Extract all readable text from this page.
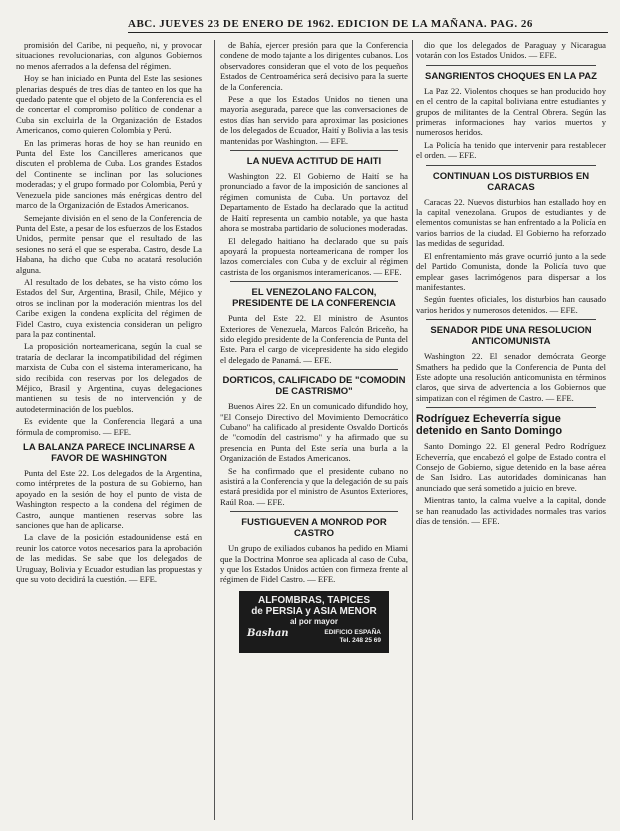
ABC. JUEVES 23 DE ENERO DE 1962. EDICION DE LA MAÑANA. PAG. 26

promisión del Caribe, ni pequeño, ni, y provocar situaciones revolucionarias, con algunos Gobiernos no menos aferrados a la defensa del régimen.

Hoy se han iniciado en Punta del Este las sesiones plenarias después de tres días de tanteo en los que ha quedado patente que el objeto de la Conferencia es el de concertar el compromiso político de condenar a Cuba sin excluirla de la Organización de Estados Americanos, como quieren Colombia y Perú.

En las primeras horas de hoy se han reunido en Punta del Este los Cancilleres americanos que discuten el problema de Cuba. Los grandes Estados del Continente se inclinan por las soluciones moderadas; y el grupo formado por Colombia, Perú y Venezuela pide sanciones más enérgicas dentro del marco de la Organización de Estados Americanos.

Semejante división en el seno de la Conferencia de Punta del Este, a pesar de los esfuerzos de los Estados Unidos, permite pensar que el resultado de las sesiones no será el que se esperaba. Castro, desde La Habana, ha dicho que Cuba no acatará resolución alguna.

Al resultado de los debates, se ha visto cómo los Estados del Sur, Argentina, Brasil, Chile, Méjico y otros se inclinan por la moderación mientras los del Caribe exigen la condena explícita del régimen de Fidel Castro, cuya existencia consideran un peligro para la paz continental.

La proposición norteamericana, según la cual se trataría de declarar la incompatibilidad del régimen marxista de Cuba con el sistema interamericano, ha sido recibida con reservas por los delegados de Méjico, Brasil y Argentina, cuyas delegaciones mantienen su tesis de no intervención y de autodeterminación de los pueblos.

Es evidente que la Conferencia llegará a una fórmula de compromiso. — EFE.

LA BALANZA PARECE INCLINARSE A FAVOR DE WASHINGTON

Punta del Este 22. Los delegados de la Argentina, como intérpretes de la postura de su Gobierno, han apoyado en la sesión de hoy el punto de vista de Washington respecto a la condena del régimen de Castro, aunque mantienen reservas sobre las sanciones que han de aplicarse.

La clave de la posición estadounidense está en reunir los catorce votos necesarios para la aprobación de las medidas. Se sabe que los delegados de Uruguay, Bolivia y Ecuador estudian las propuestas y que su voto decidirá la cuestión. — EFE.

de Bahía, ejercer presión para que la Conferencia condene de modo tajante a los dirigentes cubanos. Los observadores consideran que el voto de los pequeños Estados de Centroamérica será decisivo para la suerte de la Conferencia.

Pese a que los Estados Unidos no tienen una mayoría asegurada, parece que las conversaciones de estos días han servido para aproximar las posiciones de los delegados de Ecuador, Haití y Bolivia a las tesis mantenidas por Washington. — EFE.

LA NUEVA ACTITUD DE HAITI

Washington 22. El Gobierno de Haití se ha pronunciado a favor de la imposición de sanciones al régimen comunista de Cuba. Un portavoz del Departamento de Estado ha declarado que la actitud de Haití representa un cambio notable, ya que hasta ahora se mostraba partidario de soluciones moderadas.

El delegado haitiano ha declarado que su país apoyará la propuesta norteamericana de romper los lazos comerciales con Cuba y de excluir al régimen castrista de los organismos interamericanos. — EFE.

EL VENEZOLANO FALCON, PRESIDENTE DE LA CONFERENCIA

Punta del Este 22. El ministro de Asuntos Exteriores de Venezuela, Marcos Falcón Briceño, ha sido elegido presidente de la Conferencia de Punta del Este. Para el cargo de vicepresidente ha sido elegido el delegado de Panamá. — EFE.

DORTICOS, CALIFICADO DE "COMODIN DE CASTRISMO"

Buenos Aires 22. En un comunicado difundido hoy, "El Consejo Directivo del Movimiento Democrático Cubano" ha calificado al presidente Osvaldo Dorticós de "comodín del castrismo" y ha afirmado que su presencia en Punta del Este sería una burla a la Organización de Estados Americanos.

Se ha confirmado que el presidente cubano no asistirá a la Conferencia y que la delegación de su país estará presidida por el ministro de Asuntos Exteriores, Raúl Roa. — EFE.

FUSTIGUEVEN A MONROD POR CASTRO

Un grupo de exiliados cubanos ha pedido en Miami que la Doctrina Monroe sea aplicada al caso de Cuba, y que los Estados Unidos actúen con firmeza frente al régimen de Fidel Castro. — EFE.

ALFOMBRAS, TAPICES
de PERSIA y ASIA MENOR
al por mayor
Bashan	EDIFICIO ESPAÑA
Tel. 248 25 69

dio que los delegados de Paraguay y Nicaragua votarán con los Estados Unidos. — EFE.

SANGRIENTOS CHOQUES EN LA PAZ

La Paz 22. Violentos choques se han producido hoy en el centro de la capital boliviana entre estudiantes y grupos de militantes de la Central Obrera. Según las primeras informaciones hay varios muertos y numerosos heridos.

La Policía ha tenido que intervenir para restablecer el orden. — EFE.

CONTINUAN LOS DISTURBIOS EN CARACAS

Caracas 22. Nuevos disturbios han estallado hoy en la capital venezolana. Grupos de estudiantes y de elementos comunistas se han enfrentado a la Policía en varios barrios de la ciudad. El Gobierno ha reforzado las medidas de seguridad.

El enfrentamiento más grave ocurrió junto a la sede del Partido Comunista, donde la Policía tuvo que emplear gases lacrimógenos para dispersar a los manifestantes.

Según fuentes oficiales, los disturbios han causado varios heridos y numerosos detenidos. — EFE.

SENADOR PIDE UNA RESOLUCION ANTICOMUNISTA

Washington 22. El senador demócrata George Smathers ha pedido que la Conferencia de Punta del Este adopte una resolución anticomunista en términos claros, que sirva de advertencia a los Gobiernos que simpatizan con el régimen de Castro. — EFE.

Rodríguez Echeverría sigue detenido en Santo Domingo

Santo Domingo 22. El general Pedro Rodríguez Echeverría, que encabezó el golpe de Estado contra el Consejo de Gobierno, sigue detenido en la base aérea de San Isidro. Las autoridades dominicanas han anunciado que será sometido a juicio en breve.

Mientras tanto, la calma vuelve a la capital, donde se han reanudado las actividades normales tras varios días de tensión. — EFE.
